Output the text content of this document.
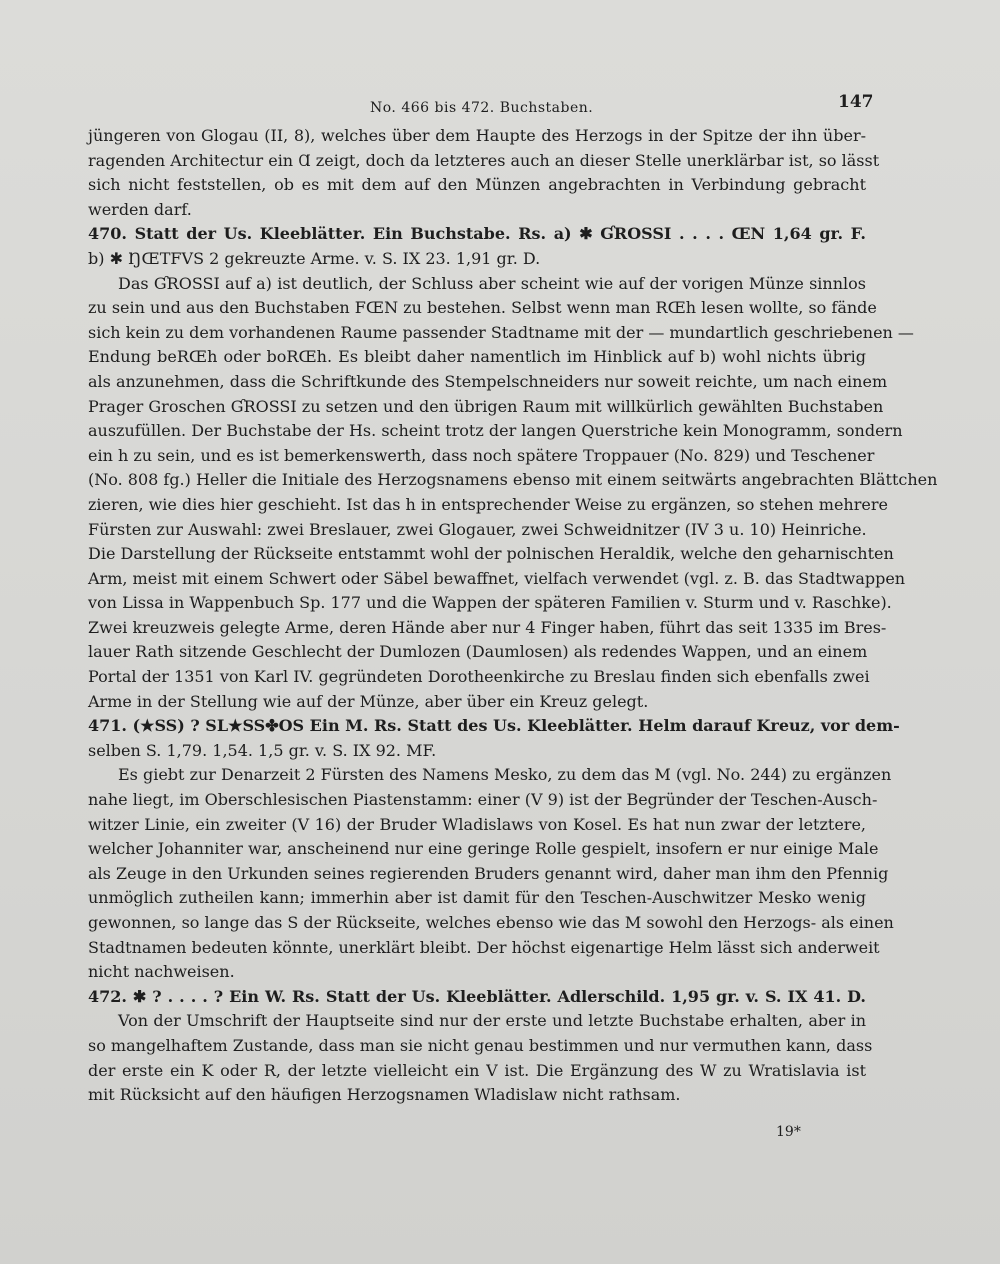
No. 466 bis 472. Buchstaben.	147
jüngeren von Glogau (II, 8), welches über dem Haupte des Herzogs in der Spitze der ihn über-
ragenden Architectur ein Ɑ zeigt, doch da letzteres auch an dieser Stelle unerklärbar ist, so lässt
sich nicht feststellen, ob es mit dem auf den Münzen angebrachten in Verbindung gebracht
werden darf.
470. Statt der Us. Kleeblätter. Ein Buchstabe. Rs. a) ✱ ƓROSSI . . . . ŒN 1,64 gr. F.
b) ✱ ŊŒTFVS 2 gekreuzte Arme. v. S. IX 23. 1,91 gr. D.
Das ƓROSSI auf a) ist deutlich, der Schluss aber scheint wie auf der vorigen Münze sinnlos
zu sein und aus den Buchstaben FŒN zu bestehen. Selbst wenn man RŒh lesen wollte, so fände
sich kein zu dem vorhandenen Raume passender Stadtname mit der — mundartlich geschriebenen —
Endung beRŒh oder boRŒh. Es bleibt daher namentlich im Hinblick auf b) wohl nichts übrig
als anzunehmen, dass die Schriftkunde des Stempelschneiders nur soweit reichte, um nach einem
Prager Groschen ƓROSSI zu setzen und den übrigen Raum mit willkürlich gewählten Buchstaben
auszufüllen. Der Buchstabe der Hs. scheint trotz der langen Querstriche kein Monogramm, sondern
ein h zu sein, und es ist bemerkenswerth, dass noch spätere Troppauer (No. 829) und Teschener
(No. 808 fg.) Heller die Initiale des Herzogsnamens ebenso mit einem seitwärts angebrachten Blättchen
zieren, wie dies hier geschieht. Ist das h in entsprechender Weise zu ergänzen, so stehen mehrere
Fürsten zur Auswahl: zwei Breslauer, zwei Glogauer, zwei Schweidnitzer (IV 3 u. 10) Heinriche.
Die Darstellung der Rückseite entstammt wohl der polnischen Heraldik, welche den geharnischten
Arm, meist mit einem Schwert oder Säbel bewaffnet, vielfach verwendet (vgl. z. B. das Stadtwappen
von Lissa in Wappenbuch Sp. 177 und die Wappen der späteren Familien v. Sturm und v. Raschke).
Zwei kreuzweis gelegte Arme, deren Hände aber nur 4 Finger haben, führt das seit 1335 im Bres-
lauer Rath sitzende Geschlecht der Dumlozen (Daumlosen) als redendes Wappen, und an einem
Portal der 1351 von Karl IV. gegründeten Dorotheenkirche zu Breslau finden sich ebenfalls zwei
Arme in der Stellung wie auf der Münze, aber über ein Kreuz gelegt.
471. (★SS) ? SL★SS✤OS Ein M. Rs. Statt des Us. Kleeblätter. Helm darauf Kreuz, vor dem-
selben S. 1,79. 1,54. 1,5 gr. v. S. IX 92. MF.
Es giebt zur Denarzeit 2 Fürsten des Namens Mesko, zu dem das M (vgl. No. 244) zu ergänzen
nahe liegt, im Oberschlesischen Piastenstamm: einer (V 9) ist der Begründer der Teschen-Ausch-
witzer Linie, ein zweiter (V 16) der Bruder Wladislaws von Kosel. Es hat nun zwar der letztere,
welcher Johanniter war, anscheinend nur eine geringe Rolle gespielt, insofern er nur einige Male
als Zeuge in den Urkunden seines regierenden Bruders genannt wird, daher man ihm den Pfennig
unmöglich zutheilen kann; immerhin aber ist damit für den Teschen-Auschwitzer Mesko wenig
gewonnen, so lange das S der Rückseite, welches ebenso wie das M sowohl den Herzogs- als einen
Stadtnamen bedeuten könnte, unerklärt bleibt. Der höchst eigenartige Helm lässt sich anderweit
nicht nachweisen.
472. ✱ ? . . . . ? Ein W. Rs. Statt der Us. Kleeblätter. Adlerschild. 1,95 gr. v. S. IX 41. D.
Von der Umschrift der Hauptseite sind nur der erste und letzte Buchstabe erhalten, aber in
so mangelhaftem Zustande, dass man sie nicht genau bestimmen und nur vermuthen kann, dass
der erste ein K oder R, der letzte vielleicht ein V ist. Die Ergänzung des W zu Wratislavia ist
mit Rücksicht auf den häufigen Herzogsnamen Wladislaw nicht rathsam.
19*
